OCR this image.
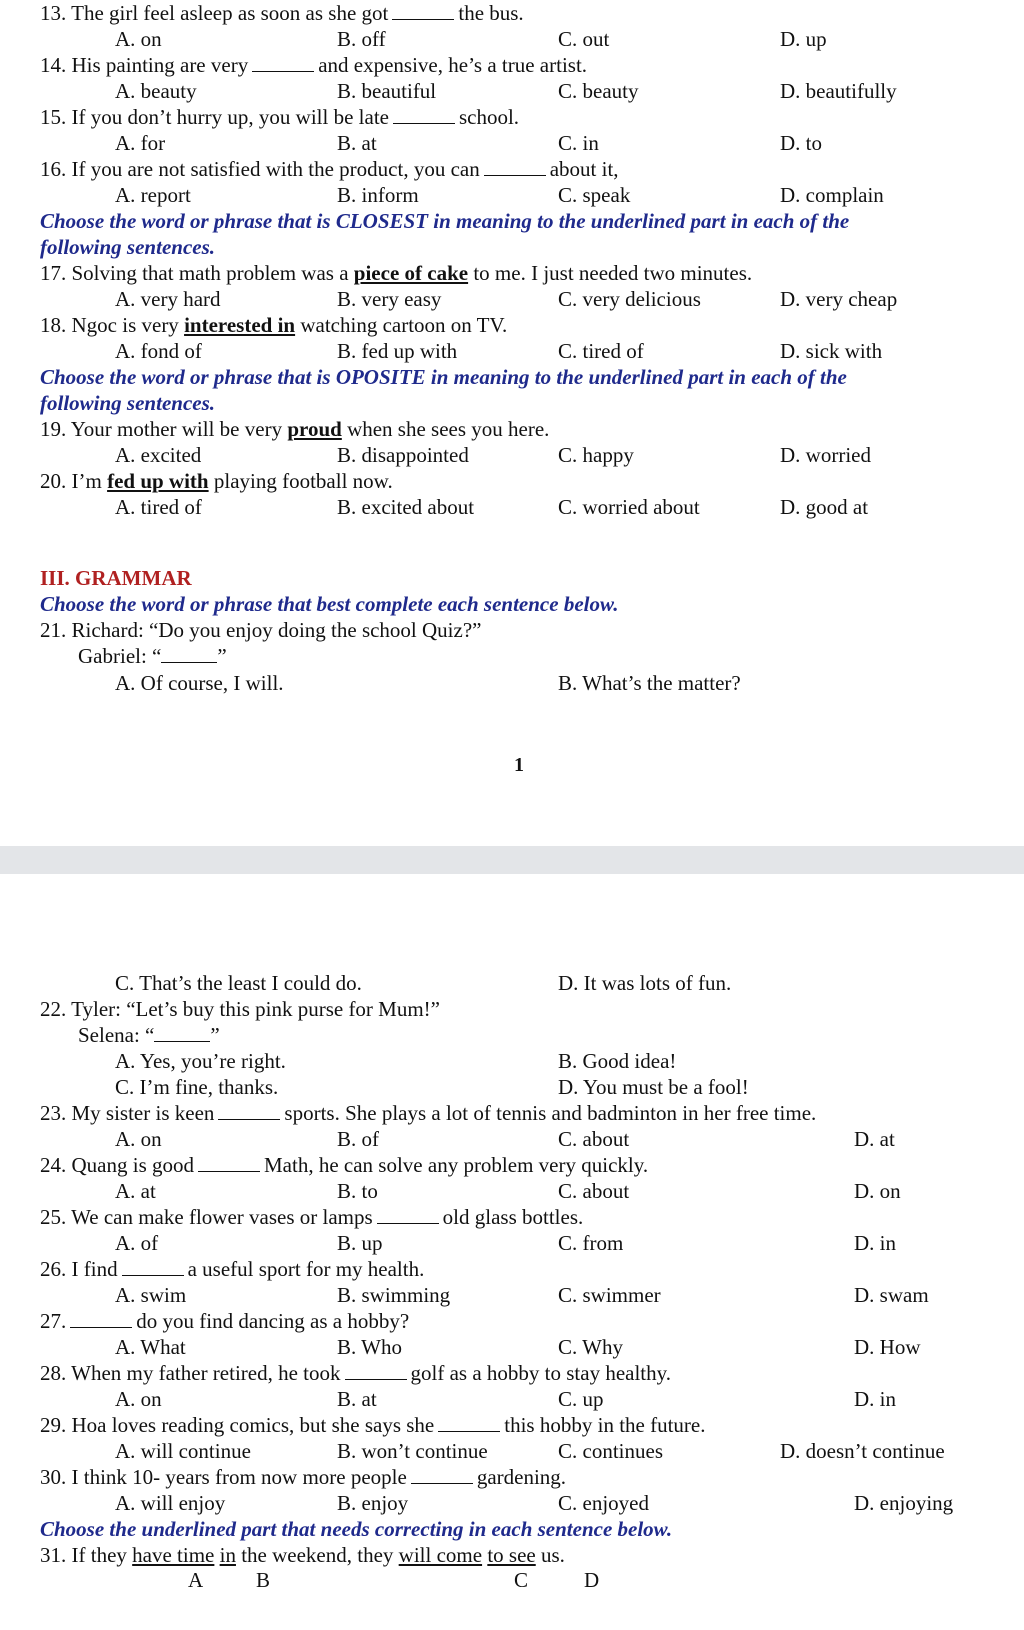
13. The girl feel asleep as soon as she got	the bus.
A. on	B. off	C. out	D. up
14. His painting are very	and expensive, he’s a true artist.
A. beauty	B. beautiful	C. beauty	D. beautifully
15. If you don’t hurry up, you will be late	school.
A. for	B. at	C. in	D. to
16. If you are not satisfied with the product, you can	about it,
A. report	B. inform	C. speak	D. complain
Choose the word or phrase that is CLOSEST in meaning to the underlined part in each of the
following sentences.
17. Solving that math problem was a piece of cake to me. I just needed two minutes.
A. very hard	B. very easy	C. very delicious	D. very cheap
18. Ngoc is very interested in watching cartoon on TV.
A. fond of	B. fed up with	C. tired of	D. sick with
Choose the word or phrase that is OPOSITE in meaning to the underlined part in each of the
following sentences.
19. Your mother will be very proud when she sees you here.
A. excited	B. disappointed	C. happy	D. worried
20. I’m fed up with playing football now.
A. tired of	B. excited about	C. worried about	D. good at
III. GRAMMAR
Choose the word or phrase that best complete each sentence below.
21. Richard: “Do you enjoy doing the school Quiz?”
Gabriel: “	”
A. Of course, I will.	B. What’s the matter?
1
C. That’s the least I could do.	D. It was lots of fun.
22. Tyler: “Let’s buy this pink purse for Mum!”
Selena: “	”
A. Yes, you’re right.	B. Good idea!
C. I’m fine, thanks.	D. You must be a fool!
23. My sister is keen	sports. She plays a lot of tennis and badminton in her free time.
A. on	B. of	C. about	D. at
24. Quang is good	Math, he can solve any problem very quickly.
A. at	B. to	C. about	D. on
25. We can make flower vases or lamps	old glass bottles.
A. of	B. up	C. from	D. in
26. I find	a useful sport for my health.
A. swim	B. swimming	C. swimmer	D. swam
27.	do you find dancing as a hobby?
A. What	B. Who	C. Why	D. How
28. When my father retired, he took	golf as a hobby to stay healthy.
A. on	B. at	C. up	D. in
29. Hoa loves reading comics, but she says she	this hobby in the future.
A. will continue	B. won’t continue	C. continues	D. doesn’t continue
30. I think 10- years from now more people	gardening.
A. will enjoy	B. enjoy	C. enjoyed	D. enjoying
Choose the underlined part that needs correcting in each sentence below.
31. If they have time in the weekend, they will come to see us.
A	B	C	D
